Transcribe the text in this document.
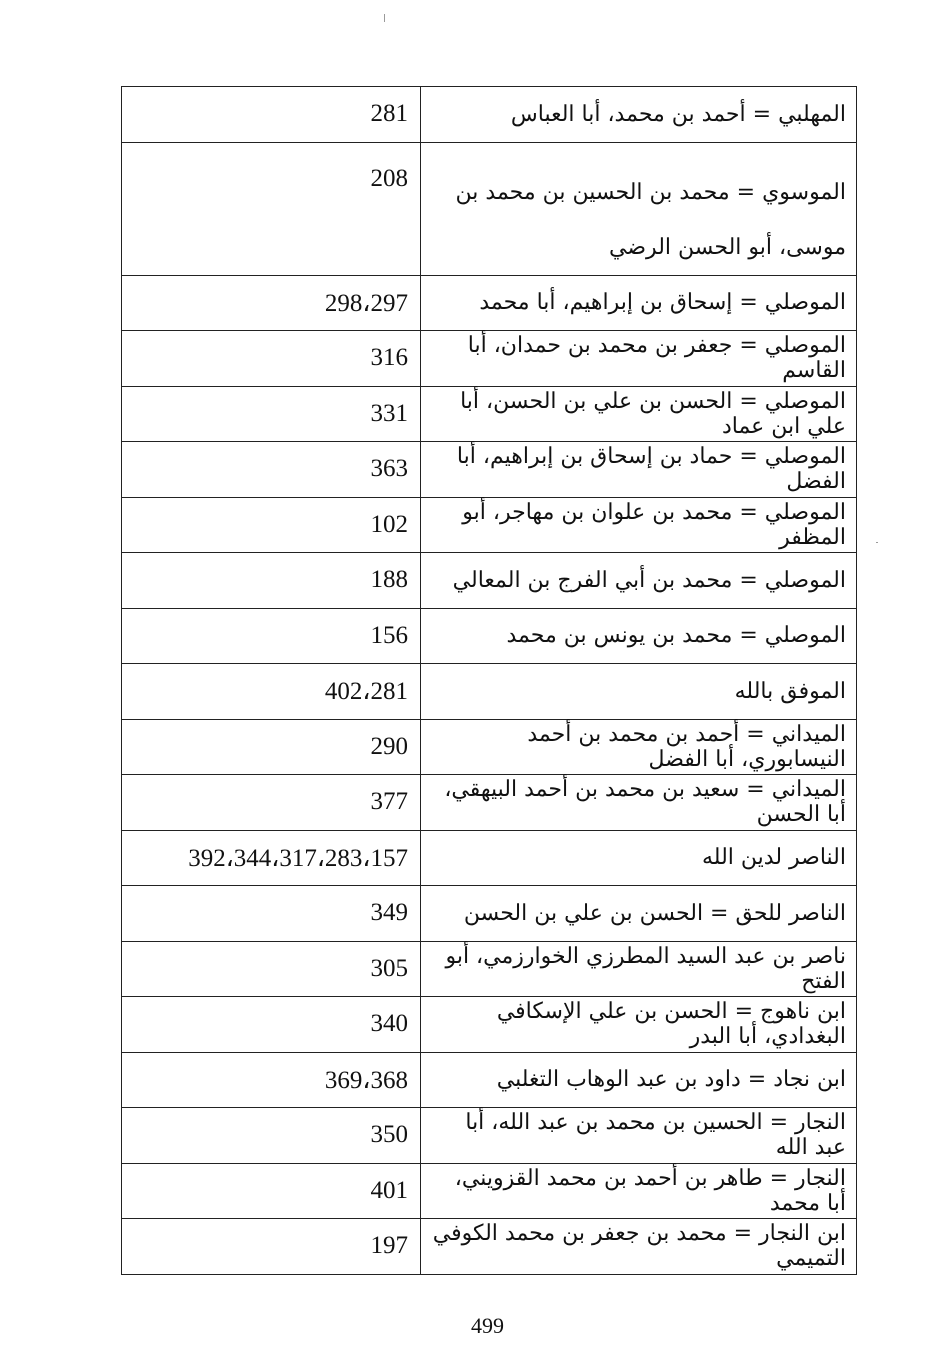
281	المهلبي = أحمد بن محمد، أبا العباس
208	الموسوي = محمد بن الحسين بن محمد بن موسى، أبو الحسن الرضي
298،297	الموصلي = إسحاق بن إبراهيم، أبا محمد
316	الموصلي = جعفر بن محمد بن حمدان، أبا القاسم
331	الموصلي = الحسن بن علي بن الحسن، أبا علي ابن عماد
363	الموصلي = حماد بن إسحاق بن إبراهيم، أبا الفضل
102	الموصلي = محمد بن علوان بن مهاجر، أبو المظفر
188	الموصلي = محمد بن أبي الفرج بن المعالي
156	الموصلي = محمد بن يونس بن محمد
402،281	الموفق بالله
290	الميداني = أحمد بن محمد بن أحمد النيسابوري، أبا الفضل
377	الميداني = سعيد بن محمد بن أحمد البيهقي، أبا الحسن
392،344،317،283،157	الناصر لدين الله
349	الناصر للحق = الحسن بن علي بن الحسن
305	ناصر بن عبد السيد المطرزي الخوارزمي، أبو الفتح
340	ابن ناهوج = الحسن بن علي الإسكافي البغدادي، أبا البدر
369،368	ابن نجاد = داود بن عبد الوهاب التغلبي
350	النجار = الحسين بن محمد بن عبد الله، أبا عبد الله
401	النجار = طاهر بن أحمد بن محمد القزويني، أبا محمد
197	ابن النجار = محمد بن جعفر بن محمد الكوفي التميمي
499
